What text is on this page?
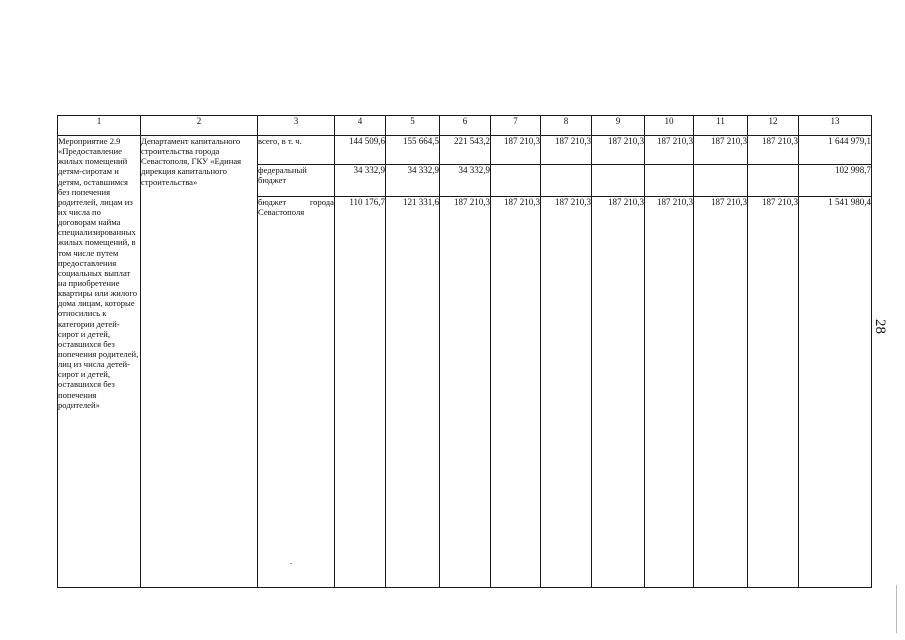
1	2	3	4	5	6	7	8	9	10	11	12	13
Мероприятие 2.9 «Предоставление жилых помещений детям-сиротам и детям, оставшимся без попечения родителей, лицам из их числа по договорам найма специализированных жилых помещений, в том числе путем предоставления социальных выплат на приобретение квартиры или жилого дома лицам, которые относились к категории детей-сирот и детей, оставшихся без попечения родителей, лиц из числа детей-сирот и детей, оставшихся без попечения родителей»	Департамент капитального строительства города Севастополя, ГКУ «Единая дирекция капитального строительства»	всего, в т. ч.	144 509,6	155 664,5	221 543,2	187 210,3	187 210,3	187 210,3	187 210,3	187 210,3	187 210,3	1 644 979,1
		федеральный бюджет	34 332,9	34 332,9	34 332,9							102 998,7
		бюджет города Севастополя	110 176,7	121 331,6	187 210,3	187 210,3	187 210,3	187 210,3	187 210,3	187 210,3	187 210,3	1 541 980,4
28
